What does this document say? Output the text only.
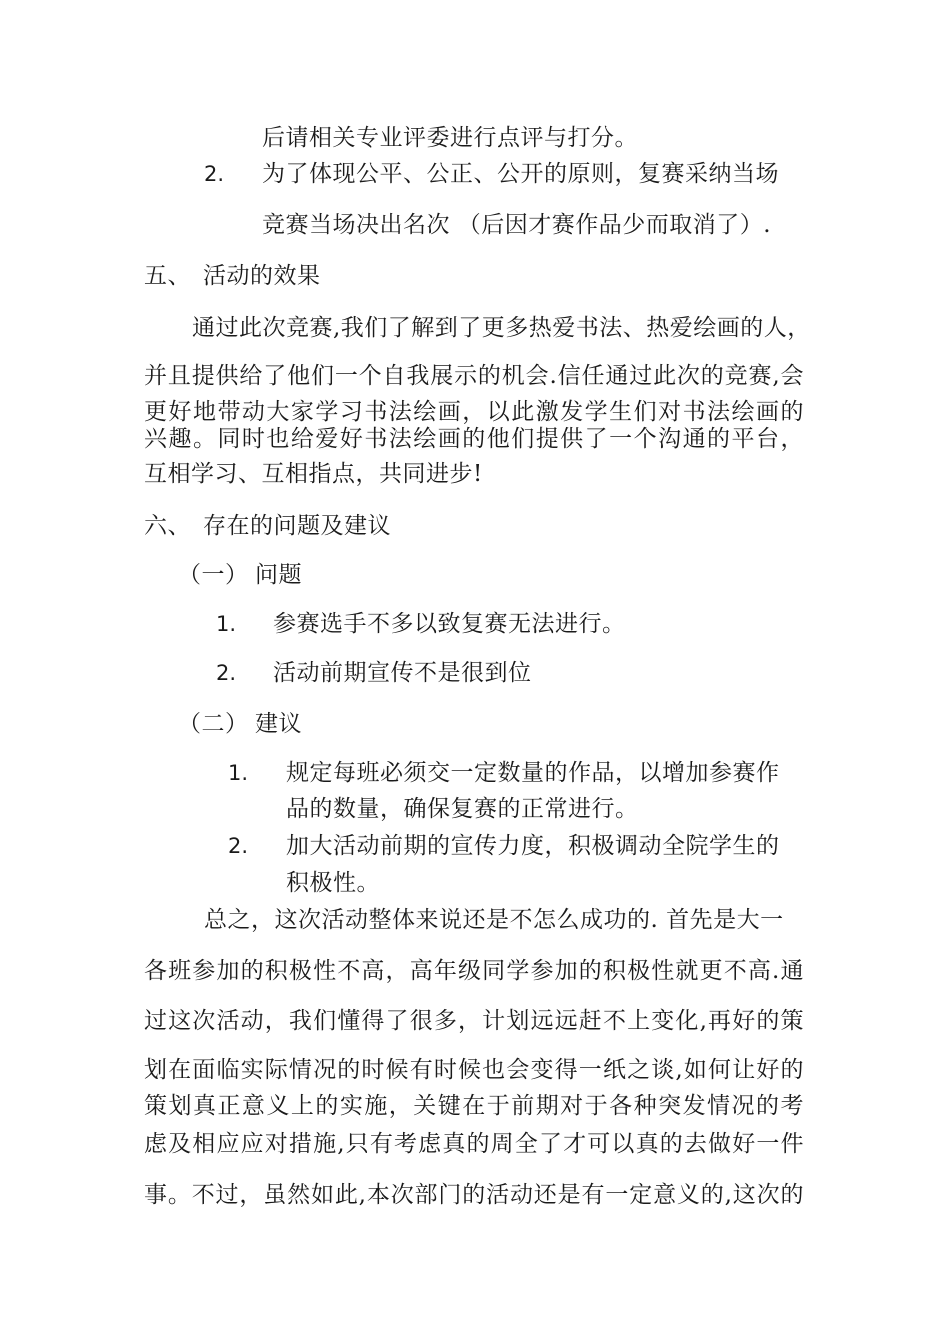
后请相关专业评委进行点评与打分。
2. 为了体现公平、公正、公开的原则，复赛采纳当场
竞赛当场决出名次 （后因才赛作品少而取消了）.
五、 活动的效果
通过此次竞赛,我们了解到了更多热爱书法、热爱绘画的人，
并且提供给了他们一个自我展示的机会.信任通过此次的竞赛,会
更好地带动大家学习书法绘画，以此激发学生们对书法绘画的
兴趣。同时也给爱好书法绘画的他们提供了一个沟通的平台，
互相学习、互相指点，共同进步!
六、 存在的问题及建议
（一） 问题
1. 参赛选手不多以致复赛无法进行。
2. 活动前期宣传不是很到位
（二） 建议
1. 规定每班必须交一定数量的作品，以增加参赛作
品的数量，确保复赛的正常进行。
2. 加大活动前期的宣传力度，积极调动全院学生的
积极性。
总之，这次活动整体来说还是不怎么成功的. 首先是大一
各班参加的积极性不高，高年级同学参加的积极性就更不高.通
过这次活动，我们懂得了很多，计划远远赶不上变化,再好的策
划在面临实际情况的时候有时候也会变得一纸之谈,如何让好的
策划真正意义上的实施，关键在于前期对于各种突发情况的考
虑及相应应对措施,只有考虑真的周全了才可以真的去做好一件
事。不过，虽然如此,本次部门的活动还是有一定意义的,这次的
